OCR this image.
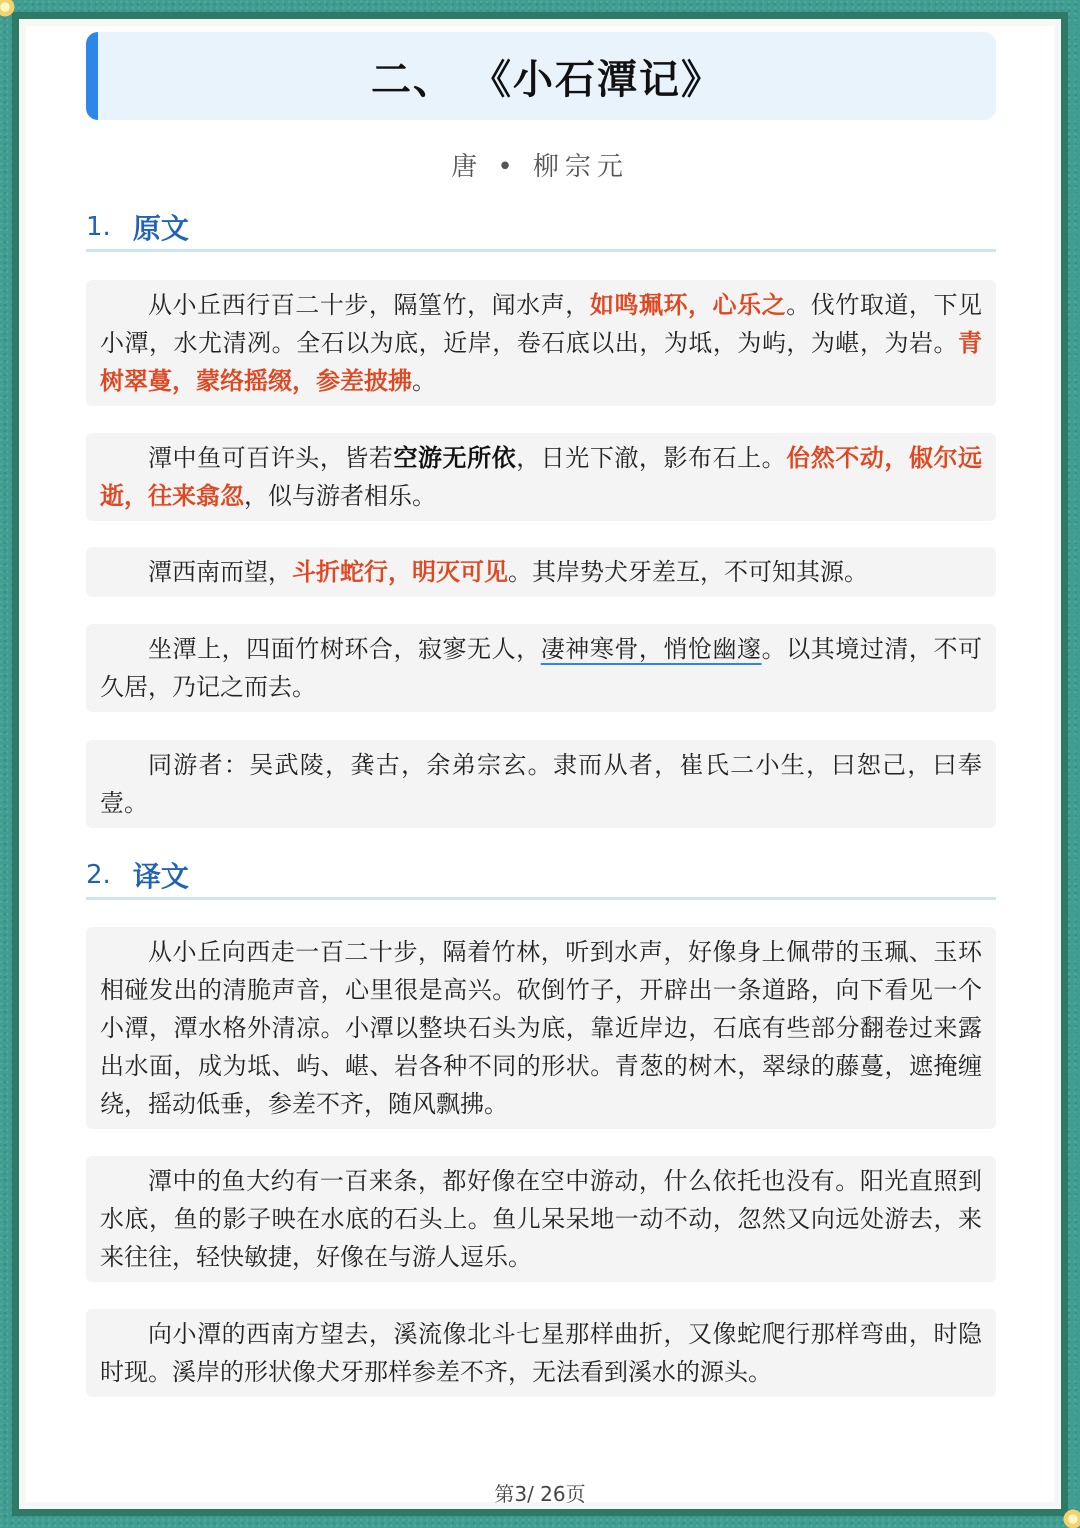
二、 《小石潭记》
唐 • 柳宗元
1. 原文
从小丘西行百二十步，隔篁竹，闻水声，如鸣珮环，心乐之。伐竹取道，下见小潭，水尤清冽。全石以为底，近岸，卷石底以出，为坻，为屿，为嵁，为岩。青树翠蔓，蒙络摇缀，参差披拂。
潭中鱼可百许头，皆若空游无所依，日光下澈，影布石上。佁然不动，俶尔远逝，往来翕忽，似与游者相乐。
潭西南而望，斗折蛇行，明灭可见。其岸势犬牙差互，不可知其源。
坐潭上，四面竹树环合，寂寥无人，凄神寒骨，悄怆幽邃。以其境过清，不可久居，乃记之而去。
同游者：吴武陵，龚古，余弟宗玄。隶而从者，崔氏二小生，曰恕己，曰奉壹。
2. 译文
从小丘向西走一百二十步，隔着竹林，听到水声，好像身上佩带的玉珮、玉环相碰发出的清脆声音，心里很是高兴。砍倒竹子，开辟出一条道路，向下看见一个小潭，潭水格外清凉。小潭以整块石头为底，靠近岸边，石底有些部分翻卷过来露出水面，成为坻、屿、嵁、岩各种不同的形状。青葱的树木，翠绿的藤蔓，遮掩缠绕，摇动低垂，参差不齐，随风飘拂。
潭中的鱼大约有一百来条，都好像在空中游动，什么依托也没有。阳光直照到水底，鱼的影子映在水底的石头上。鱼儿呆呆地一动不动，忽然又向远处游去，来来往往，轻快敏捷，好像在与游人逗乐。
向小潭的西南方望去，溪流像北斗七星那样曲折，又像蛇爬行那样弯曲，时隐时现。溪岸的形状像犬牙那样参差不齐，无法看到溪水的源头。
第3/ 26页
